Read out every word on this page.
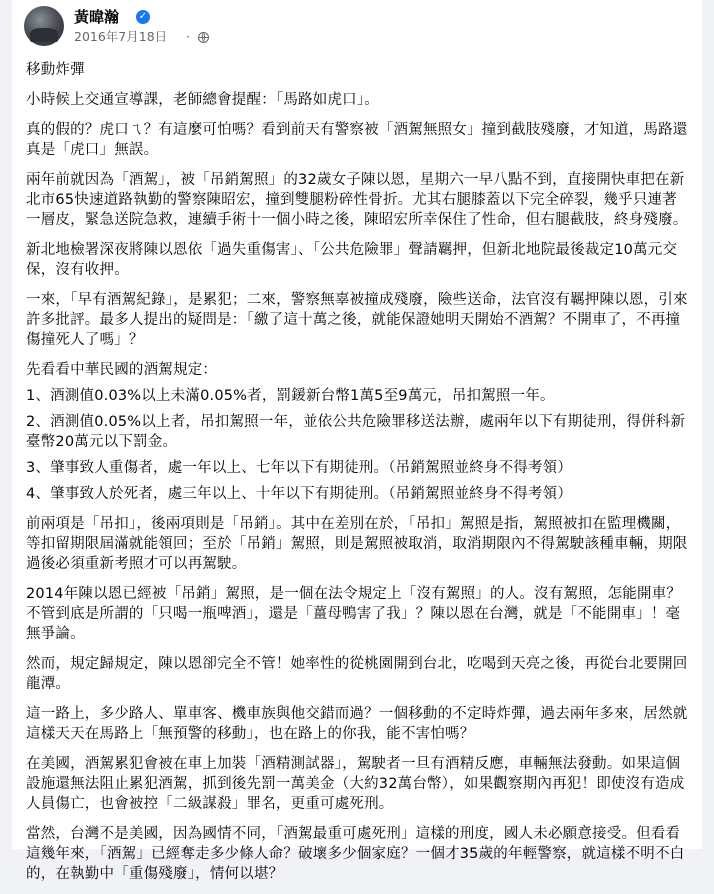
黃暐瀚 ✓
2016年7月18日 ·

移動炸彈

小時候上交通宣導課，老師總會提醒：「馬路如虎口」。

真的假的？虎口ㄟ？有這麼可怕嗎？看到前天有警察被「酒駕無照女」撞到截肢殘廢，才知道，馬路還真是「虎口」無誤。

兩年前就因為「酒駕」，被「吊銷駕照」的32歲女子陳以恩，星期六一早八點不到，直接開快車把在新北市65快速道路執勤的警察陳昭宏，撞到雙腿粉碎性骨折。尤其右腿膝蓋以下完全碎裂，幾乎只連著一層皮，緊急送院急救，連續手術十一個小時之後，陳昭宏所幸保住了性命，但右腿截肢，終身殘廢。

新北地檢署深夜將陳以恩依「過失重傷害」、「公共危險罪」聲請羈押，但新北地院最後裁定10萬元交保，沒有收押。

一來，「早有酒駕紀錄」，是累犯；二來，警察無辜被撞成殘廢，險些送命，法官沒有羈押陳以恩，引來許多批評。最多人提出的疑問是：「繳了這十萬之後，就能保證她明天開始不酒駕？不開車了，不再撞傷撞死人了嗎」？

先看看中華民國的酒駕規定：

1、酒測值0.03%以上未滿0.05%者，罰鍰新台幣1萬5至9萬元，吊扣駕照一年。

2、酒測值0.05%以上者，吊扣駕照一年，並依公共危險罪移送法辦，處兩年以下有期徒刑，得併科新臺幣20萬元以下罰金。

3、肇事致人重傷者，處一年以上、七年以下有期徒刑。（吊銷駕照並終身不得考領）

4、肇事致人於死者，處三年以上、十年以下有期徒刑。（吊銷駕照並終身不得考領）

前兩項是「吊扣」，後兩項則是「吊銷」。其中在差別在於，「吊扣」駕照是指，駕照被扣在監理機關，等扣留期限屆滿就能領回；至於「吊銷」駕照，則是駕照被取消，取消期限內不得駕駛該種車輛，期限過後必須重新考照才可以再駕駛。

2014年陳以恩已經被「吊銷」駕照，是一個在法令規定上「沒有駕照」的人。沒有駕照，怎能開車？不管到底是所謂的「只喝一瓶啤酒」，還是「薑母鴨害了我」？陳以恩在台灣，就是「不能開車」！毫無爭論。

然而，規定歸規定，陳以恩卻完全不管！她率性的從桃園開到台北，吃喝到天亮之後，再從台北要開回龍潭。

這一路上，多少路人、單車客、機車族與他交錯而過？一個移動的不定時炸彈，過去兩年多來，居然就這樣天天在馬路上「無預警的移動」，也在路上的你我，能不害怕嗎？

在美國，酒駕累犯會被在車上加裝「酒精測試器」，駕駛者一旦有酒精反應，車輛無法發動。如果這個設施還無法阻止累犯酒駕，抓到後先罰一萬美金（大約32萬台幣），如果觀察期內再犯！即使沒有造成人員傷亡，也會被控「二級謀殺」罪名，更重可處死刑。

當然，台灣不是美國，因為國情不同，「酒駕最重可處死刑」這樣的刑度，國人未必願意接受。但看看這幾年來，「酒駕」已經奪走多少條人命？破壞多少個家庭？一個才35歲的年輕警察，就這樣不明不白的，在執勤中「重傷殘廢」，情何以堪？
